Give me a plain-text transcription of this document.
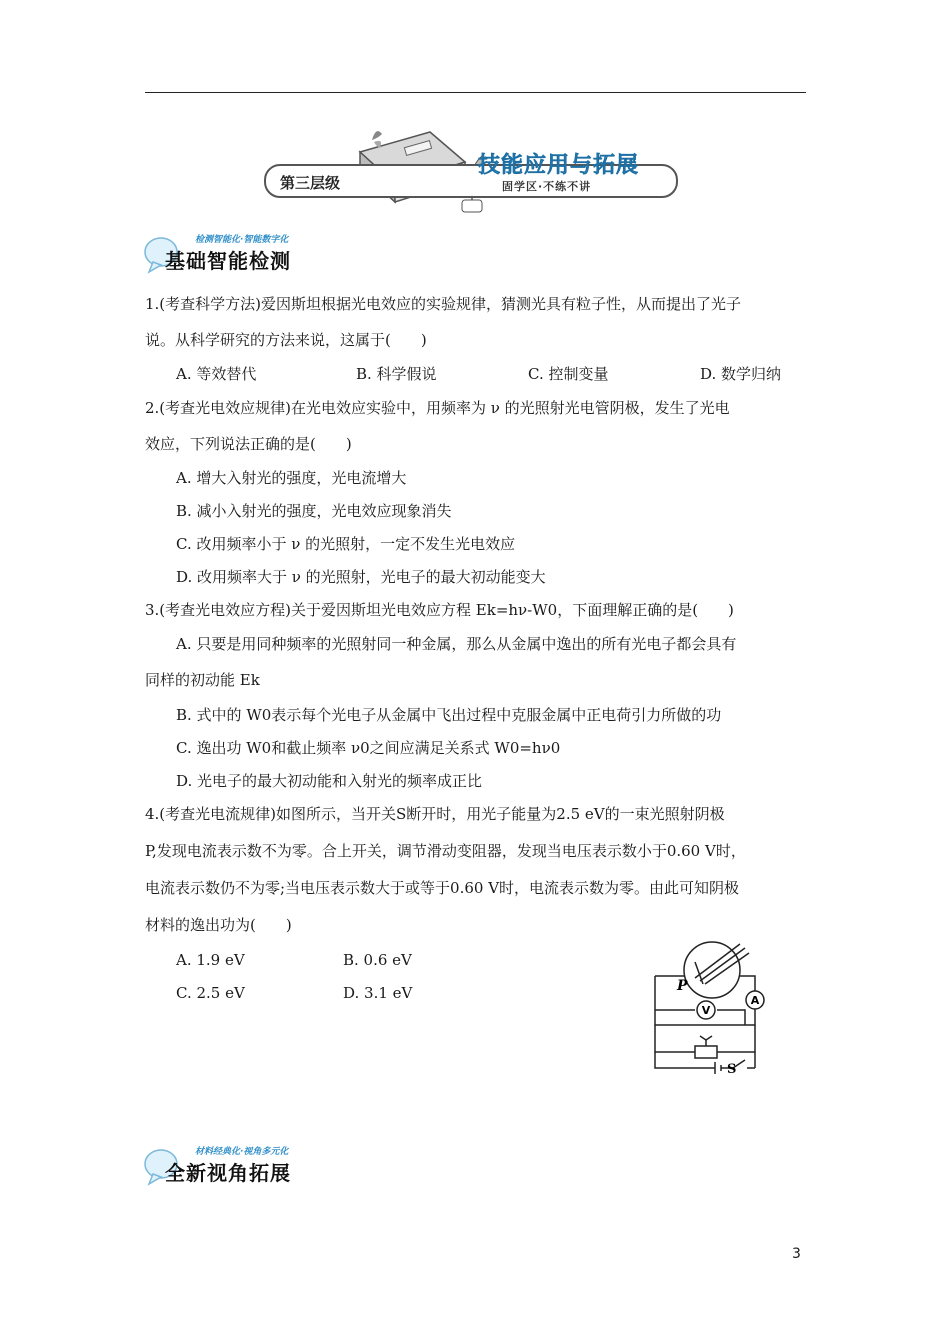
第三层级
技能应用与拓展
固学区·不练不讲
检测智能化·智能数字化
基础智能检测
1.(考查科学方法)爱因斯坦根据光电效应的实验规律，猜测光具有粒子性，从而提出了光子
说。从科学研究的方法来说，这属于(　　)
A. 等效替代	B. 科学假说	C. 控制变量	D. 数学归纳
2.(考查光电效应规律)在光电效应实验中，用频率为 ν 的光照射光电管阴极，发生了光电
效应，下列说法正确的是(　　)
A. 增大入射光的强度，光电流增大
B. 减小入射光的强度，光电效应现象消失
C. 改用频率小于 ν 的光照射，一定不发生光电效应
D. 改用频率大于 ν 的光照射，光电子的最大初动能变大
3.(考查光电效应方程)关于爱因斯坦光电效应方程 Ek=hν-W0，下面理解正确的是(　　)
A. 只要是用同种频率的光照射同一种金属，那么从金属中逸出的所有光电子都会具有
同样的初动能 Ek
B. 式中的 W0表示每个光电子从金属中飞出过程中克服金属中正电荷引力所做的功
C. 逸出功 W0和截止频率 ν0之间应满足关系式 W0=hν0
D. 光电子的最大初动能和入射光的频率成正比
4.(考查光电流规律)如图所示，当开关S断开时，用光子能量为2.5 eV的一束光照射阴极
P,发现电流表示数不为零。合上开关，调节滑动变阻器，发现当电压表示数小于0.60 V时，
电流表示数仍不为零;当电压表示数大于或等于0.60 V时，电流表示数为零。由此可知阴极
材料的逸出功为(　　)
A. 1.9 eV	B. 0.6 eV
C. 2.5 eV	D. 3.1 eV
V
A
P
S
材料经典化·视角多元化
全新视角拓展
3
